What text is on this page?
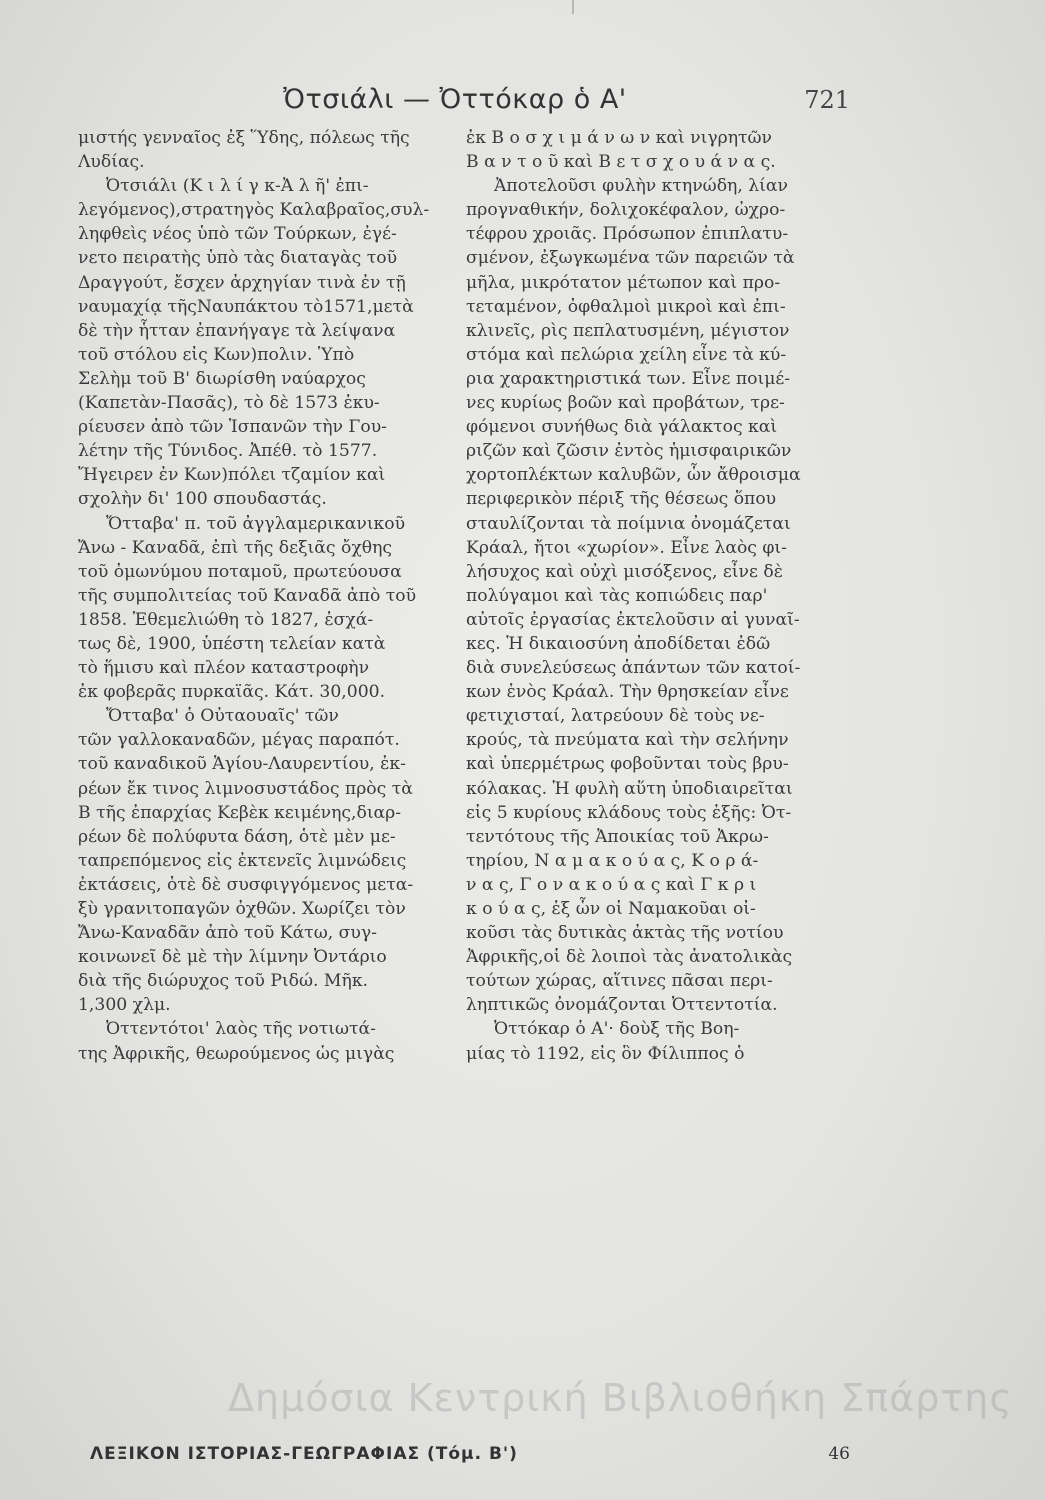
Ὀτσιάλι — Ὀττόκαρ ὁ Α'	721
μιστής γενναῖος ἐξ Ὕδης, πόλεως τῆς
Λυδίας.
Ὀτσιάλι (Κ ι λ ί γ κ-Ἀ λ ῆ' ἐπι-
λεγόμενος),στρατηγὸς Καλαβραῖος,συλ-
ληφθεὶς νέος ὑπὸ τῶν Τούρκων, ἐγέ-
νετο πειρατὴς ὑπὸ τὰς διαταγὰς τοῦ
Δραγγούτ, ἔσχεν ἀρχηγίαν τινὰ ἐν τῇ
ναυμαχίᾳ τῆςΝαυπάκτου τὸ1571,μετὰ
δὲ τὴν ἧτταν ἐπανήγαγε τὰ λείψανα
τοῦ στόλου εἰς Κων)πολιν. Ὑπὸ
Σελὴμ τοῦ Β' διωρίσθη ναύαρχος
(Καπετὰν-Πασᾶς), τὸ δὲ 1573 ἐκυ-
ρίευσεν ἀπὸ τῶν Ἱσπανῶν τὴν Γου-
λέτην τῆς Τύνιδος. Ἀπέθ. τὸ 1577.
Ἤγειρεν ἐν Κων)πόλει τζαμίον καὶ
σχολὴν δι' 100 σπουδαστάς.
Ὄτταβα' π. τοῦ ἀγγλαμερικανικοῦ
Ἄνω - Καναδᾶ, ἐπὶ τῆς δεξιᾶς ὄχθης
τοῦ ὁμωνύμου ποταμοῦ, πρωτεύουσα
τῆς συμπολιτείας τοῦ Καναδᾶ ἀπὸ τοῦ
1858. Ἐθεμελιώθη τὸ 1827, ἐσχά-
τως δὲ, 1900, ὑπέστη τελείαν κατὰ
τὸ ἥμισυ καὶ πλέον καταστροφὴν
ἐκ φοβερᾶς πυρκαϊᾶς. Κάτ. 30,000.
Ὄτταβα' ὁ Οὐταουαῖς' τῶν
τῶν γαλλοκαναδῶν, μέγας παραπότ.
τοῦ καναδικοῦ Ἁγίου-Λαυρεντίου, ἐκ-
ρέων ἔκ τινος λιμνοσυστάδος πρὸς τὰ
Β τῆς ἐπαρχίας Κεβὲκ κειμένης,διαρ-
ρέων δὲ πολύφυτα δάση, ὁτὲ μὲν με-
ταπρεπόμενος εἰς ἐκτενεῖς λιμνώδεις
ἐκτάσεις, ὁτὲ δὲ συσφιγγόμενος μετα-
ξὺ γρανιτοπαγῶν ὀχθῶν. Χωρίζει τὸν
Ἄνω-Καναδᾶν ἀπὸ τοῦ Κάτω, συγ-
κοινωνεῖ δὲ μὲ τὴν λίμνην Ὀντάριο
διὰ τῆς διώρυχος τοῦ Ριδώ. Μῆκ.
1,300 χλμ.
Ὀττεντότοι' λαὸς τῆς νοτιωτά-
της Ἀφρικῆς, θεωρούμενος ὡς μιγὰς
ἐκ Β ο σ χ ι μ ά ν ω ν καὶ νιγρητῶν
Β α ν τ ο ῦ καὶ Β ε τ σ χ ο υ ά ν α ς.
Ἀποτελοῦσι φυλὴν κτηνώδη, λίαν
προγναθικήν, δολιχοκέφαλον, ὠχρο-
τέφρου χροιᾶς. Πρόσωπον ἐπιπλατυ-
σμένον, ἐξωγκωμένα τῶν παρειῶν τὰ
μῆλα, μικρότατον μέτωπον καὶ προ-
τεταμένον, ὀφθαλμοὶ μικροὶ καὶ ἐπι-
κλινεῖς, ρὶς πεπλατυσμένη, μέγιστον
στόμα καὶ πελώρια χείλη εἶνε τὰ κύ-
ρια χαρακτηριστικά των. Εἶνε ποιμέ-
νες κυρίως βοῶν καὶ προβάτων, τρε-
φόμενοι συνήθως διὰ γάλακτος καὶ
ριζῶν καὶ ζῶσιν ἐντὸς ἡμισφαιρικῶν
χορτοπλέκτων καλυβῶν, ὧν ἄθροισμα
περιφερικὸν πέριξ τῆς θέσεως ὅπου
σταυλίζονται τὰ ποίμνια ὀνομάζεται
Κράαλ, ἤτοι «χωρίον». Εἶνε λαὸς φι-
λήσυχος καὶ οὐχὶ μισόξενος, εἶνε δὲ
πολύγαμοι καὶ τὰς κοπιώδεις παρ'
αὐτοῖς ἐργασίας ἐκτελοῦσιν αἱ γυναῖ-
κες. Ἡ δικαιοσύνη ἀποδίδεται ἐδῶ
διὰ συνελεύσεως ἁπάντων τῶν κατοί-
κων ἑνὸς Κράαλ. Τὴν θρησκείαν εἶνε
φετιχισταί, λατρεύουν δὲ τοὺς νε-
κρούς, τὰ πνεύματα καὶ τὴν σελήνην
καὶ ὑπερμέτρως φοβοῦνται τοὺς βρυ-
κόλακας. Ἡ φυλὴ αὕτη ὑποδιαιρεῖται
εἰς 5 κυρίους κλάδους τοὺς ἑξῆς: Ὀτ-
τεντότους τῆς Ἀποικίας τοῦ Ἀκρω-
τηρίου, Ν α μ α κ ο ύ α ς, Κ ο ρ ά-
ν α ς, Γ ο ν α κ ο ύ α ς καὶ Γ κ ρ ι
κ ο ύ α ς, ἐξ ὧν οἱ Ναμακοῦαι οἰ-
κοῦσι τὰς δυτικὰς ἀκτὰς τῆς νοτίου
Ἀφρικῆς,οἱ δὲ λοιποὶ τὰς ἀνατολικὰς
τούτων χώρας, αἵτινες πᾶσαι περι-
ληπτικῶς ὀνομάζονται Ὀττεντοτία.
Ὀττόκαρ ὁ Α'· δοὺξ τῆς Βοη-
μίας τὸ 1192, εἰς ὃν Φίλιππος ὁ
ΛΕΞΙΚΟΝ ΙΣΤΟΡΙΑΣ-ΓΕΩΓΡΑΦΙΑΣ (Τόμ. Β')	46
Δημόσια Κεντρική Βιβλιοθήκη Σπάρτης
